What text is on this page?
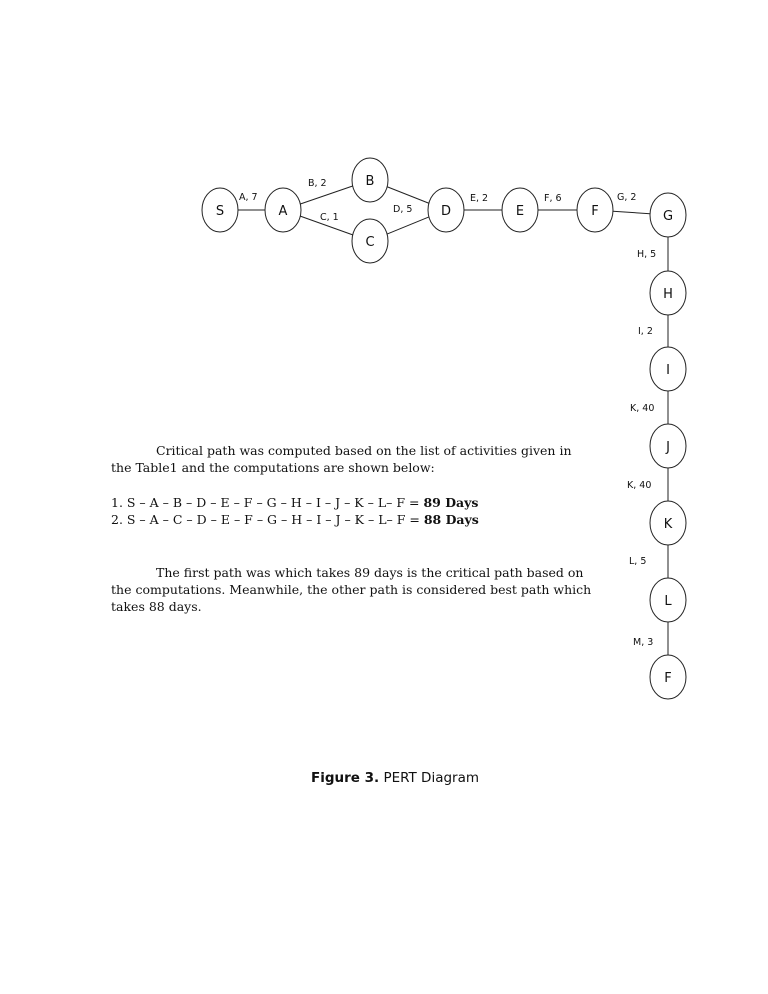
A, 7
B, 2
C, 1
D, 5
E, 2	F, 6	G, 2
H, 5
I, 2
K, 40
K, 40
L, 5
M, 3
S	A
B
C
D	E	F	G
H
I
J
K
L
F
Critical path was computed based on the list of activities given in the Table1 and the computations are shown below:
1. S – A – B – D – E – F – G – H – I – J – K – L– F = 89 Days
2. S – A – C – D – E – F – G – H – I – J – K – L– F = 88 Days
The first path was which takes 89 days is the critical path based on the computations. Meanwhile, the other path is considered best path which takes 88 days.
Figure 3. PERT Diagram
